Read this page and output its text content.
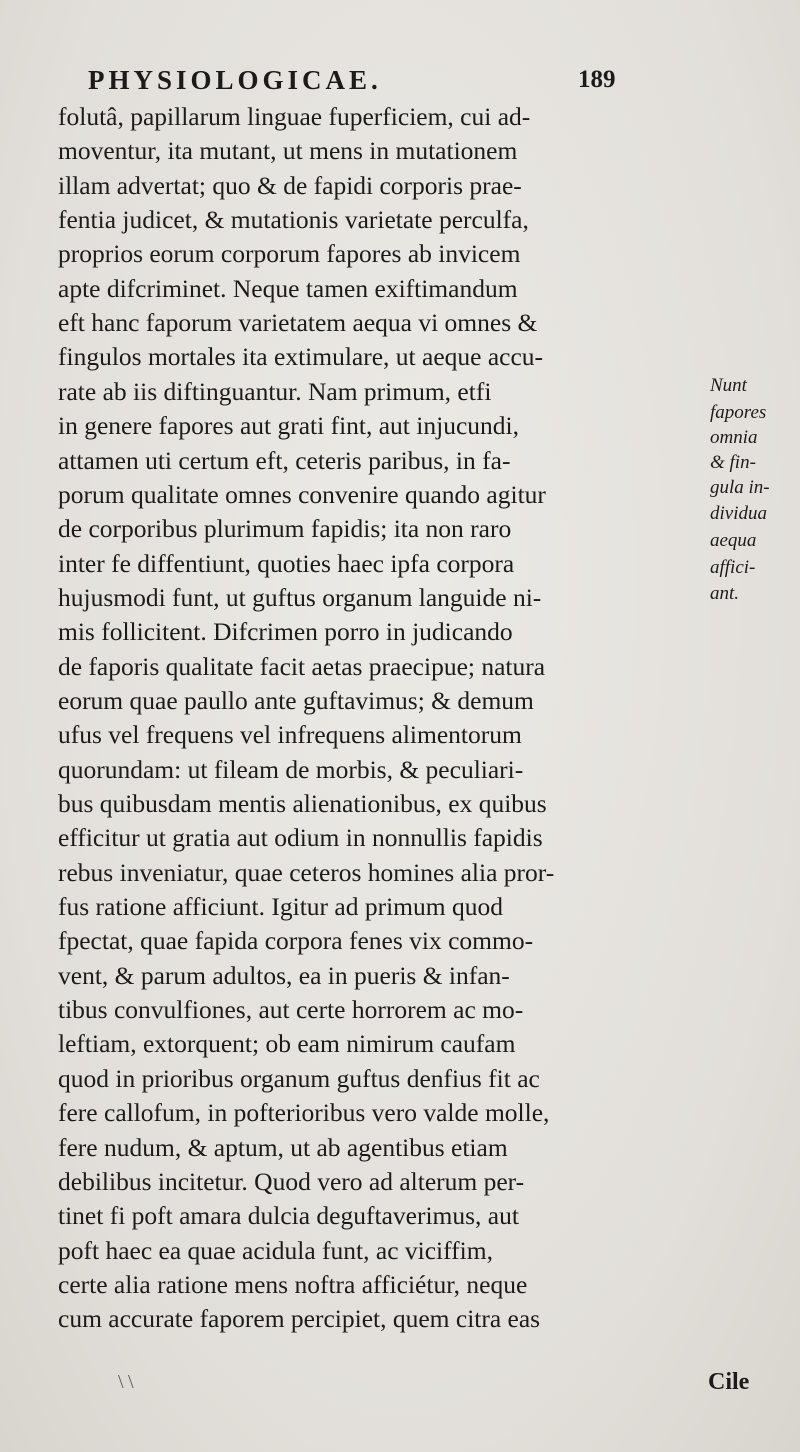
PHYSIOLOGICAE.	189
folutâ, papillarum linguae fuperficiem, cui ad-
moventur, ita mutant, ut mens in mutationem
illam advertat; quo & de fapidi corporis prae-
fentia judicet, & mutationis varietate perculfa,
proprios eorum corporum fapores ab invicem
apte difcriminet. Neque tamen exiftimandum
eft hanc faporum varietatem aequa vi omnes &
fingulos mortales ita extimulare, ut aeque accu-
rate ab iis diftinguantur. Nam primum, etfi
in genere fapores aut grati fint, aut injucundi,
attamen uti certum eft, ceteris paribus, in fa-
porum qualitate omnes convenire quando agitur
de corporibus plurimum fapidis; ita non raro
inter fe diffentiunt, quoties haec ipfa corpora
hujusmodi funt, ut guftus organum languide ni-
mis follicitent. Difcrimen porro in judicando
de faporis qualitate facit aetas praecipue; natura
eorum quae paullo ante guftavimus; & demum
ufus vel frequens vel infrequens alimentorum
quorundam: ut fileam de morbis, & peculiari-
bus quibusdam mentis alienationibus, ex quibus
efficitur ut gratia aut odium in nonnullis fapidis
rebus inveniatur, quae ceteros homines alia pror-
fus ratione afficiunt. Igitur ad primum quod
fpectat, quae fapida corpora fenes vix commo-
vent, & parum adultos, ea in pueris & infan-
tibus convulfiones, aut certe horrorem ac mo-
leftiam, extorquent; ob eam nimirum caufam
quod in prioribus organum guftus denfius fit ac
fere callofum, in pofterioribus vero valde molle,
fere nudum, & aptum, ut ab agentibus etiam
debilibus incitetur. Quod vero ad alterum per-
tinet fi poft amara dulcia deguftaverimus, aut
poft haec ea quae acidula funt, ac viciffim,
certe alia ratione mens noftra afficiétur, neque
cum accurate faporem percipiet, quem citra eas
Nunt
fapores
omnia
& fin-
gula in-
dividua
aequa
affici-
ant.
\ \	Cile
